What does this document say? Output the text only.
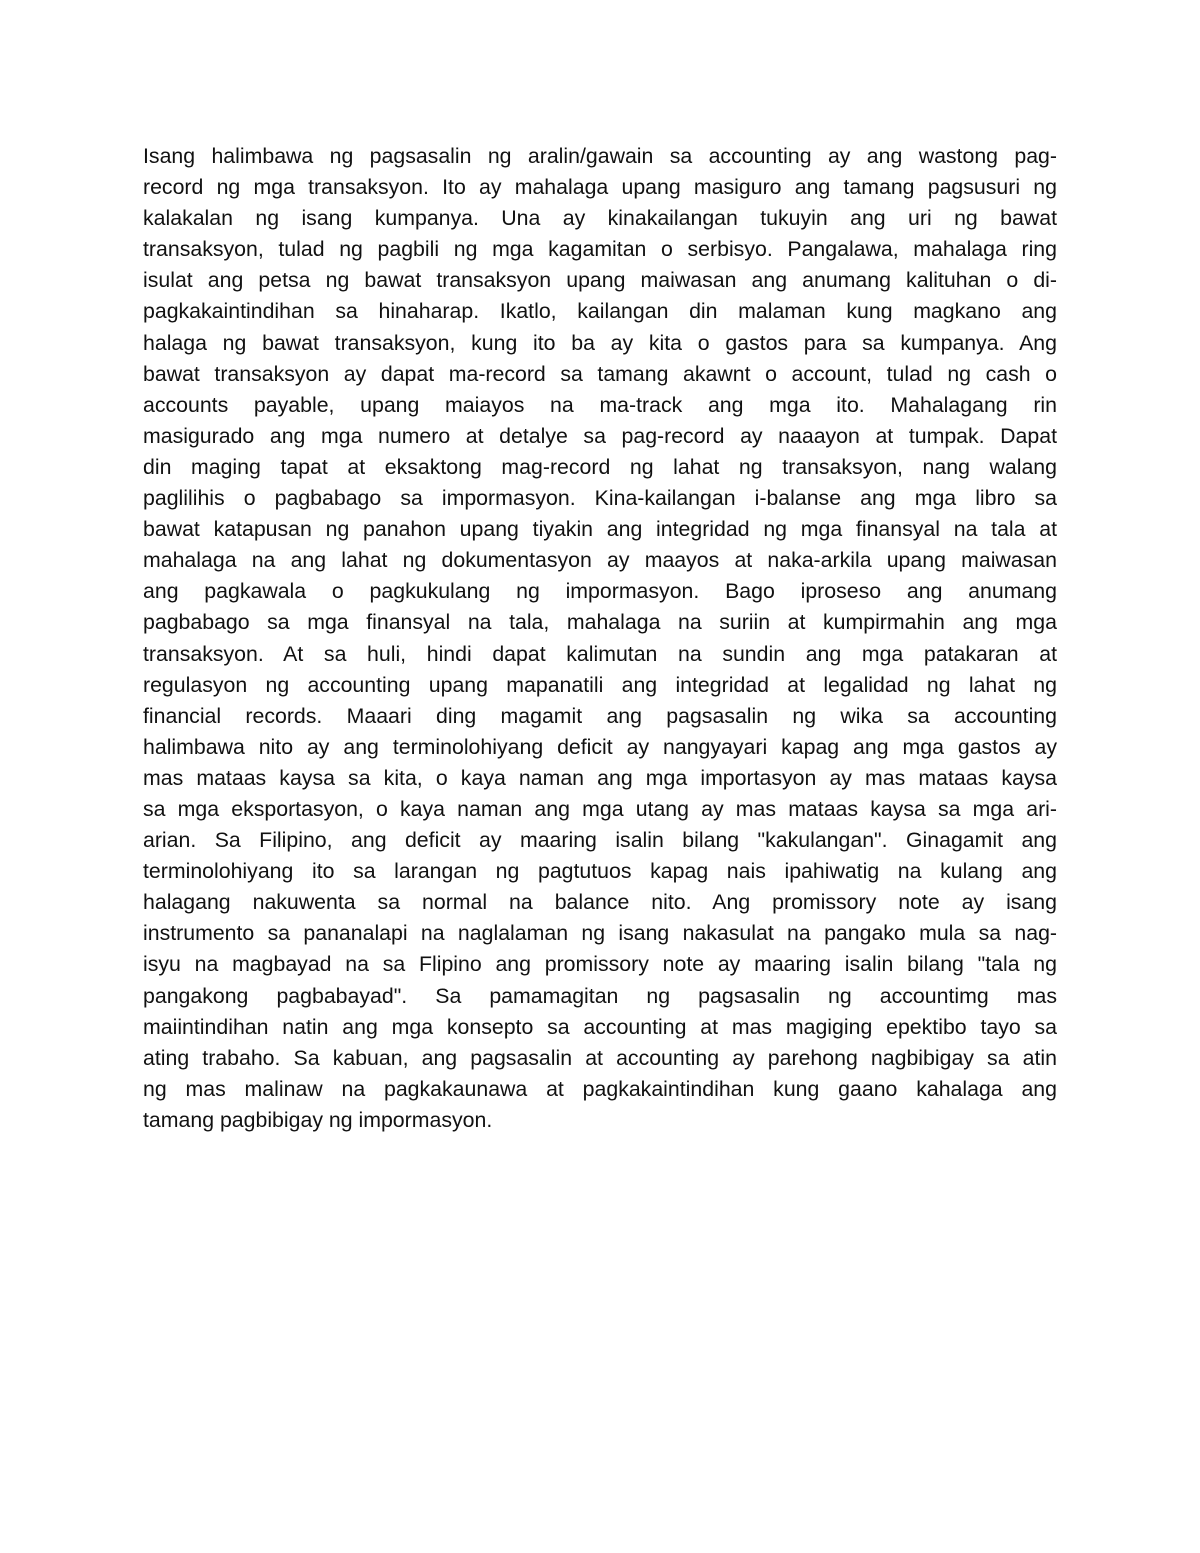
Isang halimbawa ng pagsasalin ng aralin/gawain sa accounting ay ang wastong pag-
record ng mga transaksyon. Ito ay mahalaga upang masiguro ang tamang pagsusuri ng
kalakalan ng isang kumpanya. Una ay kinakailangan tukuyin ang uri ng bawat
transaksyon, tulad ng pagbili ng mga kagamitan o serbisyo. Pangalawa, mahalaga ring
isulat ang petsa ng bawat transaksyon upang maiwasan ang anumang kalituhan o di-
pagkakaintindihan sa hinaharap. Ikatlo, kailangan din malaman kung magkano ang
halaga ng bawat transaksyon, kung ito ba ay kita o gastos para sa kumpanya. Ang
bawat transaksyon ay dapat ma-record sa tamang akawnt o account, tulad ng cash o
accounts payable, upang maiayos na ma-track ang mga ito. Mahalagang rin
masigurado ang mga numero at detalye sa pag-record ay naaayon at tumpak. Dapat
din maging tapat at eksaktong mag-record ng lahat ng transaksyon, nang walang
paglilihis o pagbabago sa impormasyon. Kina-kailangan i-balanse ang mga libro sa
bawat katapusan ng panahon upang tiyakin ang integridad ng mga finansyal na tala at
mahalaga na ang lahat ng dokumentasyon ay maayos at naka-arkila upang maiwasan
ang pagkawala o pagkukulang ng impormasyon. Bago iproseso ang anumang
pagbabago sa mga finansyal na tala, mahalaga na suriin at kumpirmahin ang mga
transaksyon. At sa huli, hindi dapat kalimutan na sundin ang mga patakaran at
regulasyon ng accounting upang mapanatili ang integridad at legalidad ng lahat ng
financial records. Maaari ding magamit ang pagsasalin ng wika sa accounting
halimbawa nito ay ang terminolohiyang deficit ay nangyayari kapag ang mga gastos ay
mas mataas kaysa sa kita, o kaya naman ang mga importasyon ay mas mataas kaysa
sa mga eksportasyon, o kaya naman ang mga utang ay mas mataas kaysa sa mga ari-
arian. Sa Filipino, ang deficit ay maaring isalin bilang "kakulangan". Ginagamit ang
terminolohiyang ito sa larangan ng pagtutuos kapag nais ipahiwatig na kulang ang
halagang nakuwenta sa normal na balance nito. Ang promissory note ay isang
instrumento sa pananalapi na naglalaman ng isang nakasulat na pangako mula sa nag-
isyu na magbayad na sa Flipino ang promissory note ay maaring isalin bilang "tala ng
pangakong pagbabayad". Sa pamamagitan ng pagsasalin ng accountimg mas
maiintindihan natin ang mga konsepto sa accounting at mas magiging epektibo tayo sa
ating trabaho. Sa kabuan, ang pagsasalin at accounting ay parehong nagbibigay sa atin
ng mas malinaw na pagkakaunawa at pagkakaintindihan kung gaano kahalaga ang
tamang pagbibigay ng impormasyon.
